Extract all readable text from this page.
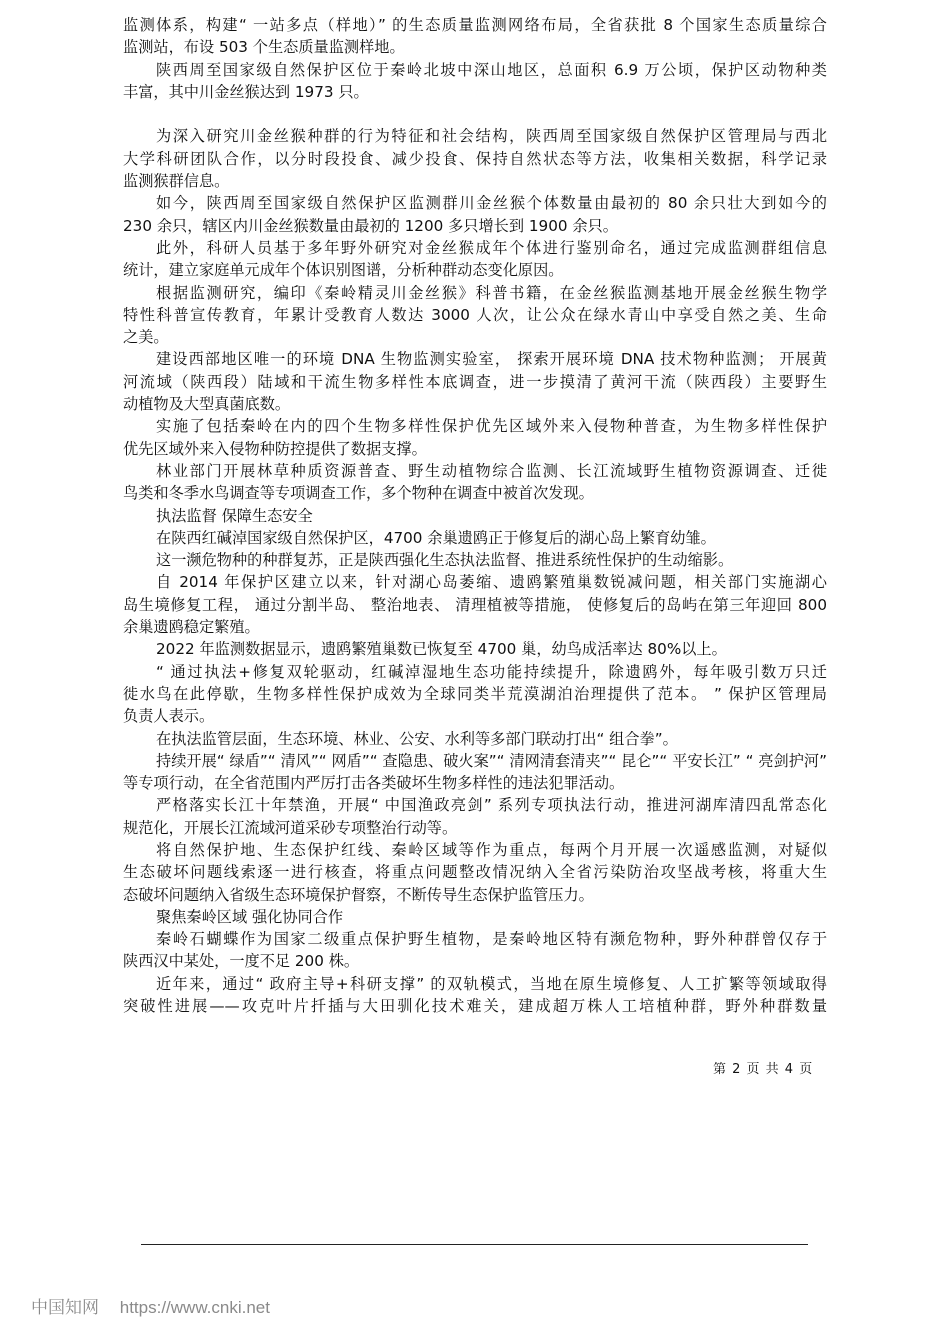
监测体系，构建“ 一站多点（样地）” 的生态质量监测网络布局，全省获批 8 个国家生态质量综合
监测站，布设 503 个生态质量监测样地。

陕西周至国家级自然保护区位于秦岭北坡中深山地区，总面积 6.9 万公顷，保护区动物种类
丰富，其中川金丝猴达到 1973 只。

为深入研究川金丝猴种群的行为特征和社会结构，陕西周至国家级自然保护区管理局与西北
大学科研团队合作，以分时段投食、减少投食、保持自然状态等方法，收集相关数据，科学记录
监测猴群信息。

如今，陕西周至国家级自然保护区监测群川金丝猴个体数量由最初的 80 余只壮大到如今的
230 余只，辖区内川金丝猴数量由最初的 1200 多只增长到 1900 余只。

此外，科研人员基于多年野外研究对金丝猴成年个体进行鉴别命名，通过完成监测群组信息
统计，建立家庭单元成年个体识别图谱，分析种群动态变化原因。

根据监测研究，编印《秦岭精灵川金丝猴》科普书籍，在金丝猴监测基地开展金丝猴生物学
特性科普宣传教育，年累计受教育人数达 3000 人次，让公众在绿水青山中享受自然之美、生命
之美。

建设西部地区唯一的环境 DNA 生物监测实验室， 探索开展环境 DNA 技术物种监测； 开展黄
河流域（陕西段）陆域和干流生物多样性本底调查，进一步摸清了黄河干流（陕西段）主要野生
动植物及大型真菌底数。

实施了包括秦岭在内的四个生物多样性保护优先区域外来入侵物种普查，为生物多样性保护
优先区域外来入侵物种防控提供了数据支撑。

林业部门开展林草种质资源普查、野生动植物综合监测、长江流域野生植物资源调查、迁徙
鸟类和冬季水鸟调查等专项调查工作，多个物种在调查中被首次发现。

执法监督 保障生态安全

在陕西红碱淖国家级自然保护区，4700 余巢遗鸥正于修复后的湖心岛上繁育幼雏。

这一濒危物种的种群复苏，正是陕西强化生态执法监督、推进系统性保护的生动缩影。

自 2014 年保护区建立以来，针对湖心岛萎缩、遗鸥繁殖巢数锐减问题，相关部门实施湖心
岛生境修复工程， 通过分割半岛、 整治地表、 清理植被等措施， 使修复后的岛屿在第三年迎回 800
余巢遗鸥稳定繁殖。

2022 年监测数据显示，遗鸥繁殖巢数已恢复至 4700 巢，幼鸟成活率达 80%以上。

“ 通过执法+修复双轮驱动，红碱淖湿地生态功能持续提升，除遗鸥外，每年吸引数万只迁
徙水鸟在此停歇，生物多样性保护成效为全球同类半荒漠湖泊治理提供了范本。 ” 保护区管理局
负责人表示。

在执法监管层面，生态环境、林业、公安、水利等多部门联动打出“ 组合拳”。

持续开展“ 绿盾”“ 清风”“ 网盾”“ 查隐患、破火案”“ 清网清套清夹”“ 昆仑”“ 平安长江” “ 亮剑护河”
等专项行动，在全省范围内严厉打击各类破坏生物多样性的违法犯罪活动。

严格落实长江十年禁渔，开展“ 中国渔政亮剑” 系列专项执法行动，推进河湖库清四乱常态化
规范化，开展长江流域河道采砂专项整治行动等。

将自然保护地、生态保护红线、秦岭区域等作为重点，每两个月开展一次遥感监测，对疑似
生态破坏问题线索逐一进行核查，将重点问题整改情况纳入全省污染防治攻坚战考核，将重大生
态破坏问题纳入省级生态环境保护督察，不断传导生态保护监管压力。

聚焦秦岭区域 强化协同合作

秦岭石蝴蝶作为国家二级重点保护野生植物，是秦岭地区特有濒危物种，野外种群曾仅存于
陕西汉中某处，一度不足 200 株。

近年来，通过“ 政府主导+科研支撑” 的双轨模式，当地在原生境修复、人工扩繁等领域取得
突破性进展——攻克叶片扦插与大田驯化技术难关，建成超万株人工培植种群，野外种群数量

第 2 页 共 4 页
中国知网 https://www.cnki.net
